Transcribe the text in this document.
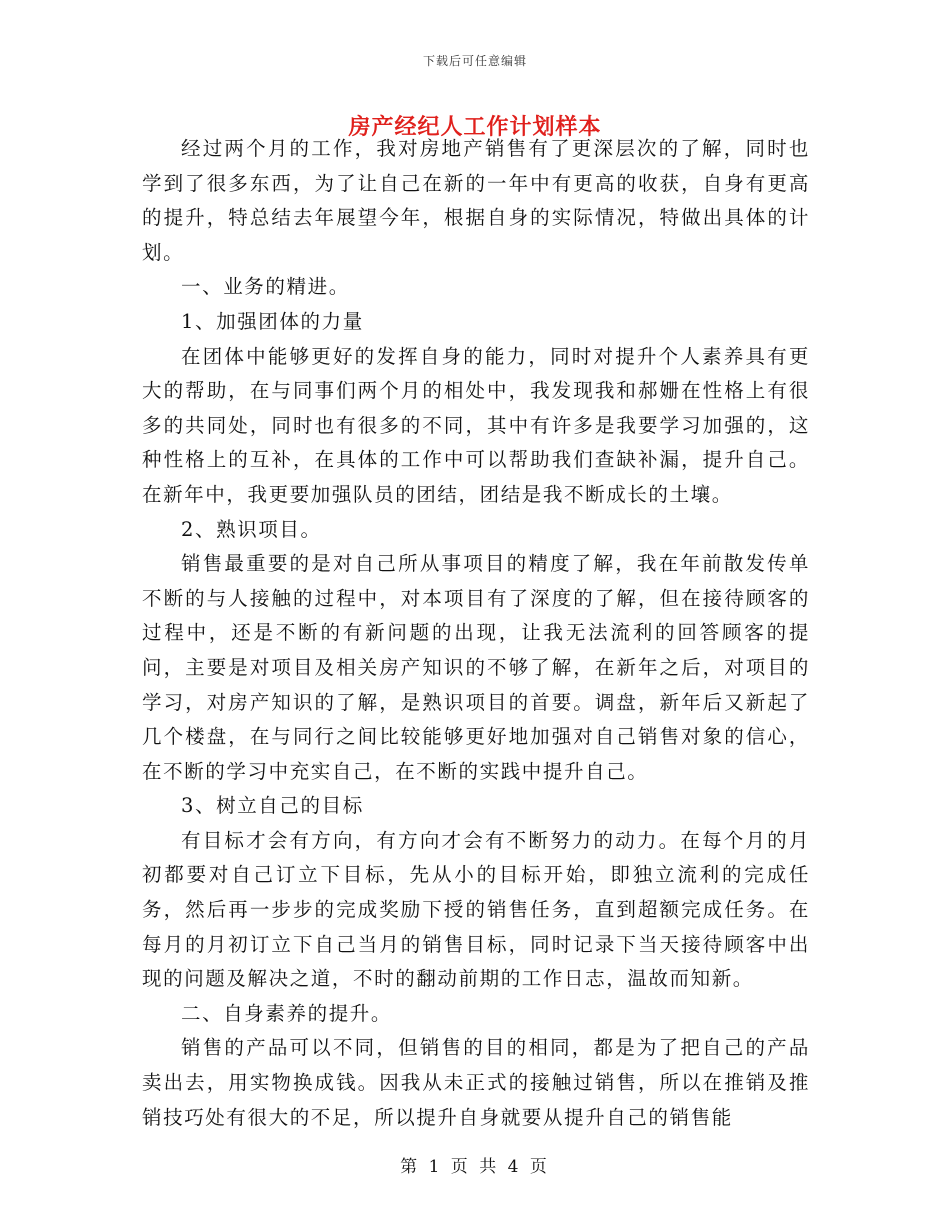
下载后可任意编辑
房产经纪人工作计划样本

经过两个月的工作，我对房地产销售有了更深层次的了解，同时也学到了很多东西，为了让自己在新的一年中有更高的收获，自身有更高的提升，特总结去年展望今年，根据自身的实际情况，特做出具体的计划。

一、业务的精进。

1、加强团体的力量

在团体中能够更好的发挥自身的能力，同时对提升个人素养具有更大的帮助，在与同事们两个月的相处中，我发现我和郝姗在性格上有很多的共同处，同时也有很多的不同，其中有许多是我要学习加强的，这种性格上的互补，在具体的工作中可以帮助我们查缺补漏，提升自己。在新年中，我更要加强队员的团结，团结是我不断成长的土壤。

2、熟识项目。

销售最重要的是对自己所从事项目的精度了解，我在年前散发传单不断的与人接触的过程中，对本项目有了深度的了解，但在接待顾客的过程中，还是不断的有新问题的出现，让我无法流利的回答顾客的提问，主要是对项目及相关房产知识的不够了解，在新年之后，对项目的学习，对房产知识的了解，是熟识项目的首要。调盘，新年后又新起了几个楼盘，在与同行之间比较能够更好地加强对自己销售对象的信心，在不断的学习中充实自己，在不断的实践中提升自己。

3、树立自己的目标

有目标才会有方向，有方向才会有不断努力的动力。在每个月的月初都要对自己订立下目标，先从小的目标开始，即独立流利的完成任务，然后再一步步的完成奖励下授的销售任务，直到超额完成任务。在每月的月初订立下自己当月的销售目标，同时记录下当天接待顾客中出现的问题及解决之道，不时的翻动前期的工作日志，温故而知新。

二、自身素养的提升。

销售的产品可以不同，但销售的目的相同，都是为了把自己的产品卖出去，用实物换成钱。因我从未正式的接触过销售，所以在推销及推销技巧处有很大的不足，所以提升自身就要从提升自己的销售能

第 1 页 共 4 页
